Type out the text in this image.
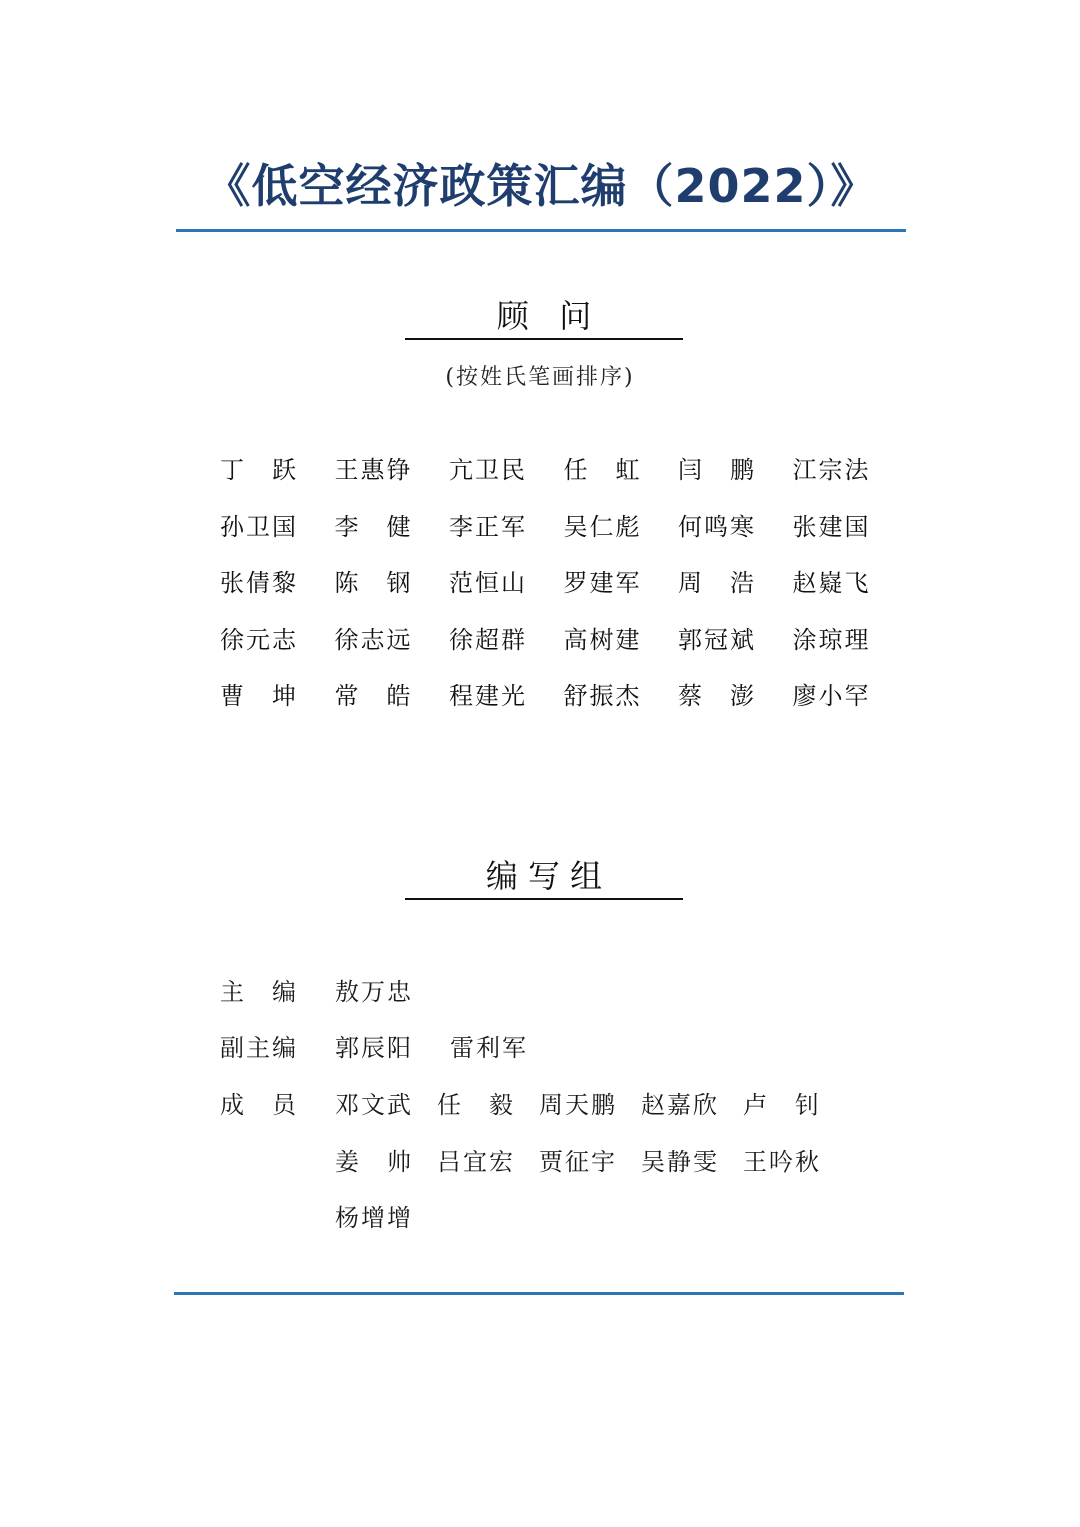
《低空经济政策汇编（2022）》
顾   问
(按姓氏笔画排序)
丁 跃 王 惠 铮 亢 卫 民 任 虹 闫 鹏 江 宗 法
孙 卫 国 李 健 李 正 军 吴 仁 彪 何 鸣 寒 张 建 国
张 倩 黎 陈 钢 范 恒 山 罗 建 军 周 浩 赵 嶷 飞
徐 元 志 徐 志 远 徐 超 群 高 树 建 郭 冠 斌 涂 琼 理
曹 坤 常 皓 程 建 光 舒 振 杰 蔡 澎 廖 小 罕
编 写 组
主 编 敖 万 忠
副 主 编 郭 辰 阳 雷 利 军
成 员 邓 文 武 任 毅 周 天 鹏 赵 嘉 欣 卢 钊
姜 帅 吕 宜 宏 贾 征 宇 吴 静 雯 王 吟 秋
杨 增 增
